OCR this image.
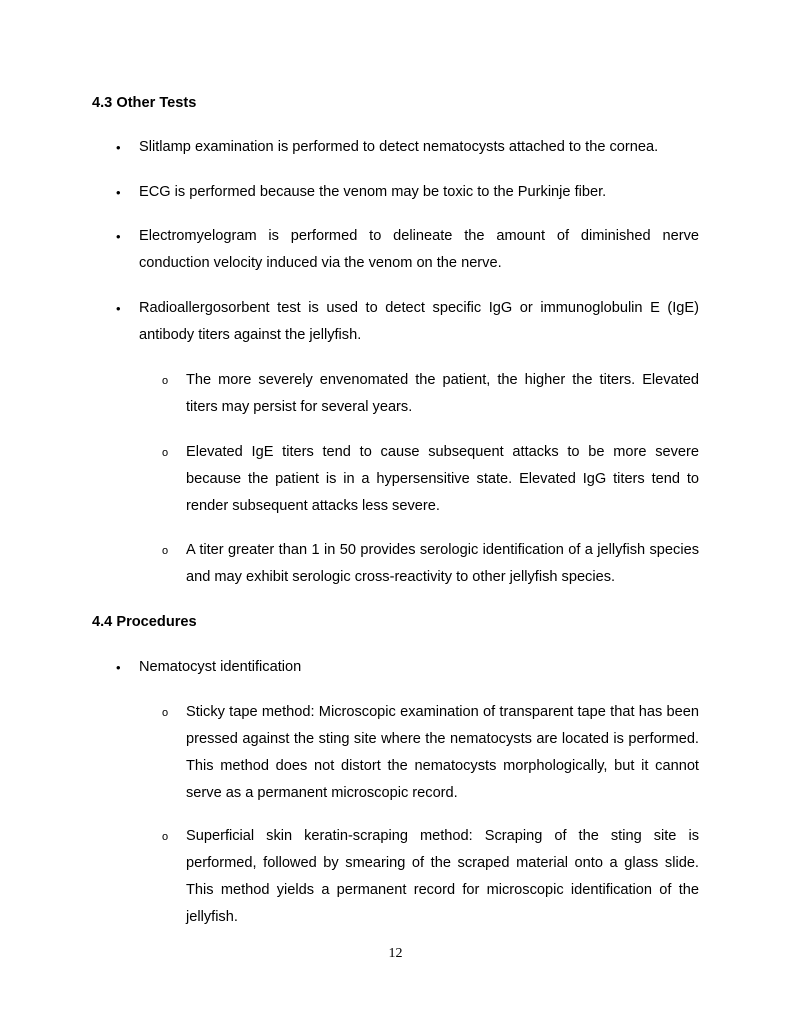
4.3 Other Tests
•	Slitlamp examination is performed to detect nematocysts attached to the cornea.

•	ECG is performed because the venom may be toxic to the Purkinje fiber.

•	Electromyelogram is performed to delineate the amount of diminished nerve conduction velocity induced via the venom on the nerve.

•	Radioallergosorbent test is used to detect specific IgG or immunoglobulin E (IgE) antibody titers against the jellyfish.

o	The more severely envenomated the patient, the higher the titers. Elevated titers may persist for several years.

o	Elevated IgE titers tend to cause subsequent attacks to be more severe because the patient is in a hypersensitive state. Elevated IgG titers tend to render subsequent attacks less severe.

o	A titer greater than 1 in 50 provides serologic identification of a jellyfish species and may exhibit serologic cross-reactivity to other jellyfish species.

4.4 Procedures
•	Nematocyst identification

o	Sticky tape method: Microscopic examination of transparent tape that has been pressed against the sting site where the nematocysts are located is performed. This method does not distort the nematocysts morphologically, but it cannot serve as a permanent microscopic record.

o	Superficial skin keratin-scraping method: Scraping of the sting site is performed, followed by smearing of the scraped material onto a glass slide. This method yields a permanent record for microscopic identification of the jellyfish.

12
